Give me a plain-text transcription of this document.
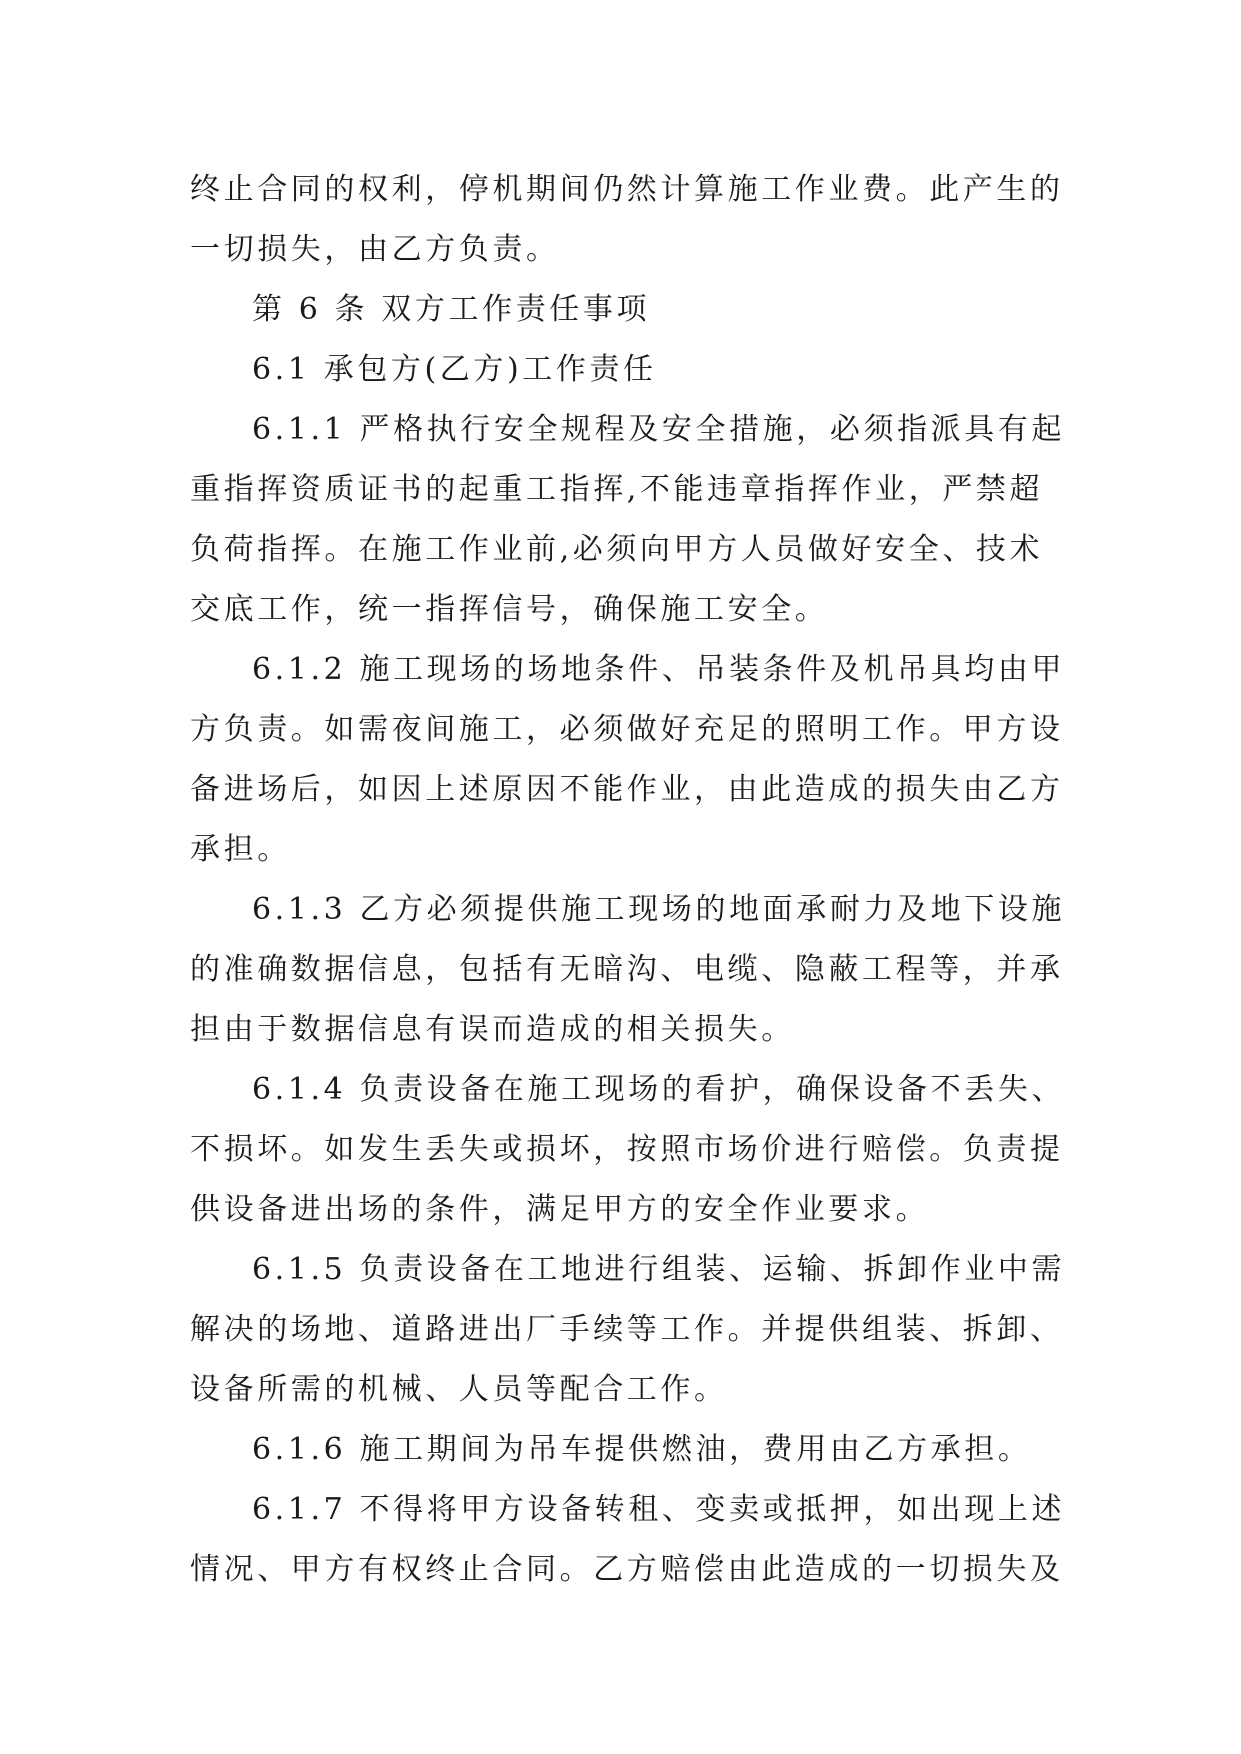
终止合同的权利，停机期间仍然计算施工作业费。此产生的
一切损失，由乙方负责。
第 6 条 双方工作责任事项
6.1 承包方(乙方)工作责任
6.1.1 严格执行安全规程及安全措施，必须指派具有起
重指挥资质证书的起重工指挥,不能违章指挥作业，严禁超
负荷指挥。在施工作业前,必须向甲方人员做好安全、技术
交底工作，统一指挥信号，确保施工安全。
6.1.2 施工现场的场地条件、吊装条件及机吊具均由甲
方负责。如需夜间施工，必须做好充足的照明工作。甲方设
备进场后，如因上述原因不能作业，由此造成的损失由乙方
承担。
6.1.3 乙方必须提供施工现场的地面承耐力及地下设施
的准确数据信息，包括有无暗沟、电缆、隐蔽工程等，并承
担由于数据信息有误而造成的相关损失。
6.1.4 负责设备在施工现场的看护，确保设备不丢失、
不损坏。如发生丢失或损坏，按照市场价进行赔偿。负责提
供设备进出场的条件，满足甲方的安全作业要求。
6.1.5 负责设备在工地进行组装、运输、拆卸作业中需
解决的场地、道路进出厂手续等工作。并提供组装、拆卸、
设备所需的机械、人员等配合工作。
6.1.6 施工期间为吊车提供燃油，费用由乙方承担。
6.1.7 不得将甲方设备转租、变卖或抵押，如出现上述
情况、甲方有权终止合同。乙方赔偿由此造成的一切损失及
